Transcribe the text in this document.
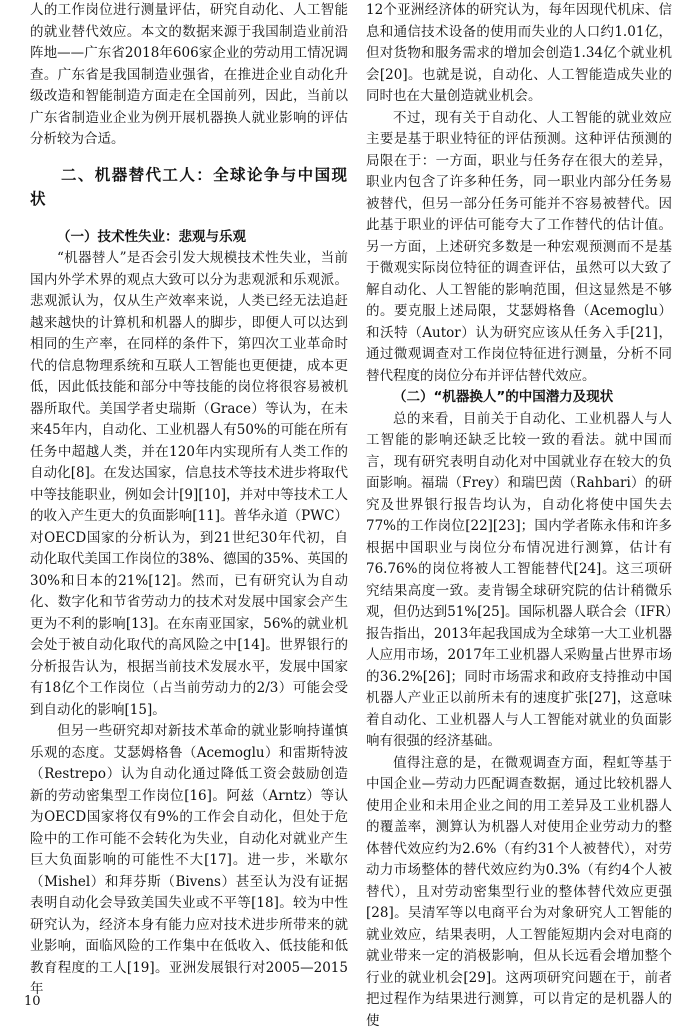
人的工作岗位进行测量评估，研究自动化、人工智能的就业替代效应。本文的数据来源于我国制造业前沿阵地——广东省2018年606家企业的劳动用工情况调查。广东省是我国制造业强省，在推进企业自动化升级改造和智能制造方面走在全国前列，因此，当前以广东省制造业企业为例开展机器换人就业影响的评估分析较为合适。

二、机器替代工人：全球论争与中国现状
（一）技术性失业：悲观与乐观

“机器替人”是否会引发大规模技术性失业，当前国内外学术界的观点大致可以分为悲观派和乐观派。悲观派认为，仅从生产效率来说，人类已经无法追赶越来越快的计算机和机器人的脚步，即便人可以达到相同的生产率，在同样的条件下，第四次工业革命时代的信息物理系统和互联人工智能也更便捷，成本更低，因此低技能和部分中等技能的岗位将很容易被机器所取代。美国学者史瑞斯（Grace）等认为，在未来45年内，自动化、工业机器人有50%的可能在所有任务中超越人类，并在120年内实现所有人类工作的自动化[8]。在发达国家，信息技术等技术进步将取代中等技能职业，例如会计[9][10]，并对中等技术工人的收入产生更大的负面影响[11]。普华永道（PWC）对OECD国家的分析认为，到21世纪30年代初，自动化取代美国工作岗位的38%、德国的35%、英国的30%和日本的21%[12]。然而，已有研究认为自动化、数字化和节省劳动力的技术对发展中国家会产生更为不利的影响[13]。在东南亚国家，56%的就业机会处于被自动化取代的高风险之中[14]。世界银行的分析报告认为，根据当前技术发展水平，发展中国家有18亿个工作岗位（占当前劳动力的2/3）可能会受到自动化的影响[15]。

但另一些研究却对新技术革命的就业影响持谨慎乐观的态度。艾瑟姆格鲁（Acemoglu）和雷斯特波（Restrepo）认为自动化通过降低工资会鼓励创造新的劳动密集型工作岗位[16]。阿兹（Arntz）等认为OECD国家将仅有9%的工作会自动化，但处于危险中的工作可能不会转化为失业，自动化对就业产生巨大负面影响的可能性不大[17]。进一步，米歇尔（Mishel）和拜芬斯（Bivens）甚至认为没有证据表明自动化会导致美国失业或不平等[18]。较为中性研究认为，经济本身有能力应对技术进步所带来的就业影响，面临风险的工作集中在低收入、低技能和低教育程度的工人[19]。亚洲发展银行对2005—2015年

12个亚洲经济体的研究认为，每年因现代机床、信息和通信技术设备的使用而失业的人口约1.01亿，但对货物和服务需求的增加会创造1.34亿个就业机会[20]。也就是说，自动化、人工智能造成失业的同时也在大量创造就业机会。

不过，现有关于自动化、人工智能的就业效应主要是基于职业特征的评估预测。这种评估预测的局限在于：一方面，职业与任务存在很大的差异，职业内包含了许多种任务，同一职业内部分任务易被替代，但另一部分任务可能并不容易被替代。因此基于职业的评估可能夸大了工作替代的估计值。另一方面，上述研究多数是一种宏观预测而不是基于微观实际岗位特征的调查评估，虽然可以大致了解自动化、人工智能的影响范围，但这显然是不够的。要克服上述局限，艾瑟姆格鲁（Acemoglu）和沃特（Autor）认为研究应该从任务入手[21]，通过微观调查对工作岗位特征进行测量，分析不同替代程度的岗位分布并评估替代效应。

（二）“机器换人”的中国潜力及现状

总的来看，目前关于自动化、工业机器人与人工智能的影响还缺乏比较一致的看法。就中国而言，现有研究表明自动化对中国就业存在较大的负面影响。福瑞（Frey）和瑞巴茵（Rahbari）的研究及世界银行报告均认为，自动化将使中国失去77%的工作岗位[22][23]；国内学者陈永伟和许多根据中国职业与岗位分布情况进行测算，估计有76.76%的岗位将被人工智能替代[24]。这三项研究结果高度一致。麦肯锡全球研究院的估计稍微乐观，但仍达到51%[25]。国际机器人联合会（IFR）报告指出，2013年起我国成为全球第一大工业机器人应用市场，2017年工业机器人采购量占世界市场的36.2%[26]；同时市场需求和政府支持推动中国机器人产业正以前所未有的速度扩张[27]，这意味着自动化、工业机器人与人工智能对就业的负面影响有很强的经济基础。

值得注意的是，在微观调查方面，程虹等基于中国企业—劳动力匹配调查数据，通过比较机器人使用企业和未用企业之间的用工差异及工业机器人的覆盖率，测算认为机器人对使用企业劳动力的整体替代效应约为2.6%（有约31个人被替代），对劳动力市场整体的替代效应约为0.3%（有约4个人被替代），且对劳动密集型行业的整体替代效应更强[28]。吴清军等以电商平台为对象研究人工智能的就业效应，结果表明，人工智能短期内会对电商的就业带来一定的消极影响，但从长远看会增加整个行业的就业机会[29]。这两项研究问题在于，前者把过程作为结果进行测算，可以肯定的是机器人的使

10
